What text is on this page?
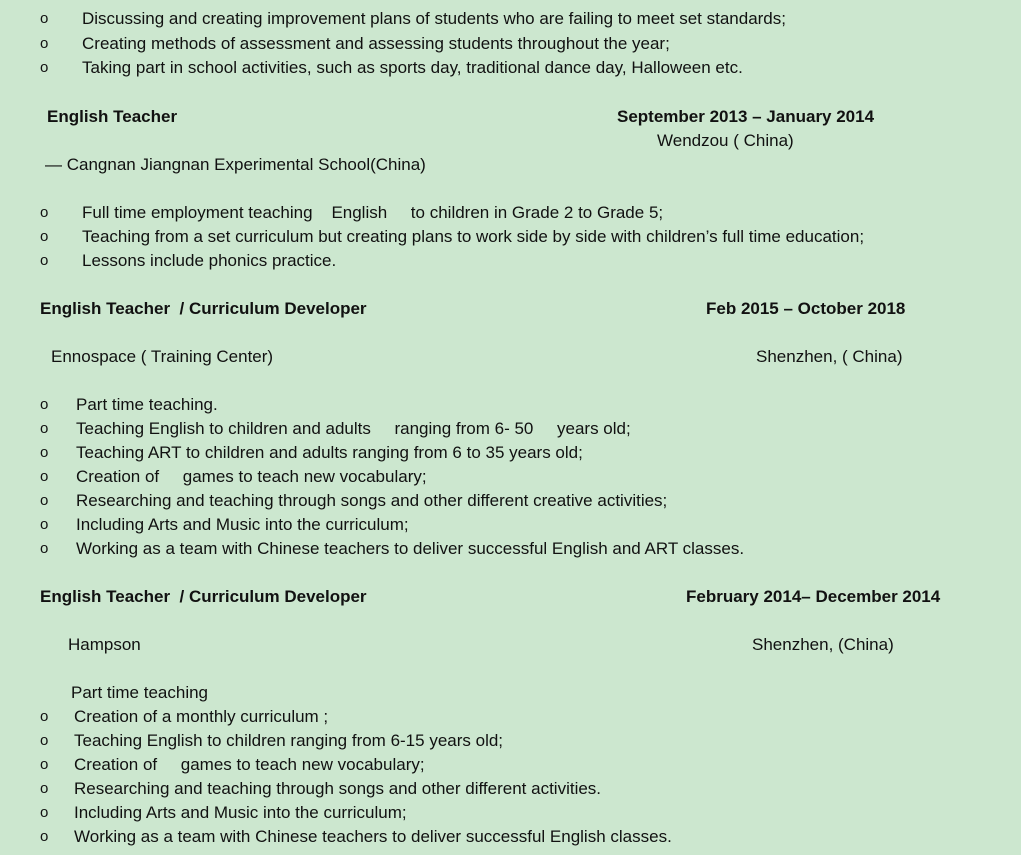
o	Discussing and creating improvement plans of students who are failing to meet set standards;
o	Creating methods of assessment and assessing students throughout the year;
o	Taking part in school activities, such as sports day, traditional dance day, Halloween etc.
English Teacher	September 2013 – January 2014
Wendzou ( China)
— Cangnan Jiangnan Experimental School(China)
o	Full time employment teaching    English     to children in Grade 2 to Grade 5;
o	Teaching from a set curriculum but creating plans to work side by side with children’s full time education;
o	Lessons include phonics practice.
English Teacher  / Curriculum Developer	Feb 2015 – October 2018
Ennospace ( Training Center)	Shenzhen, ( China)
o	Part time teaching.
o	Teaching English to children and adults     ranging from 6- 50     years old;
o	Teaching ART to children and adults ranging from 6 to 35 years old;
o	Creation of     games to teach new vocabulary;
o	Researching and teaching through songs and other different creative activities;
o	Including Arts and Music into the curriculum;
o	Working as a team with Chinese teachers to deliver successful English and ART classes.
English Teacher  / Curriculum Developer	February 2014– December 2014
Hampson	Shenzhen, (China)
Part time teaching
o	Creation of a monthly curriculum ;
o	Teaching English to children ranging from 6-15 years old;
o	Creation of     games to teach new vocabulary;
o	Researching and teaching through songs and other different activities.
o	Including Arts and Music into the curriculum;
o	Working as a team with Chinese teachers to deliver successful English classes.
